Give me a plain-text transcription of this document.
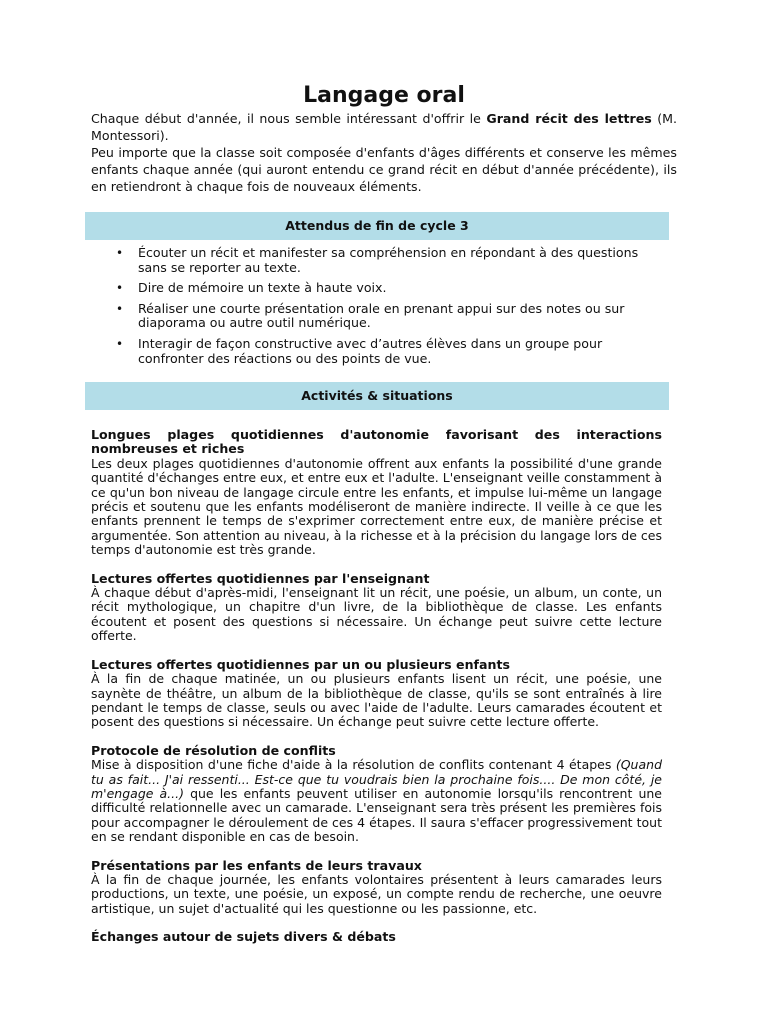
Langage oral

Chaque début d'année, il nous semble intéressant d'offrir le Grand récit des lettres (M. Montessori).

Peu importe que la classe soit composée d'enfants d'âges différents et conserve les mêmes enfants chaque année (qui auront entendu ce grand récit en début d'année précédente), ils en retiendront à chaque fois de nouveaux éléments.

Attendus de fin de cycle 3
• Écouter un récit et manifester sa compréhension en répondant à des questions sans se reporter au texte.
• Dire de mémoire un texte à haute voix.
• Réaliser une courte présentation orale en prenant appui sur des notes ou sur diaporama ou autre outil numérique.
• Interagir de façon constructive avec d’autres élèves dans un groupe pour confronter des réactions ou des points de vue.
Activités & situations
Longues plages quotidiennes d'autonomie favorisant des interactions nombreuses et riches

Les deux plages quotidiennes d'autonomie offrent aux enfants la possibilité d'une grande quantité d'échanges entre eux, et entre eux et l'adulte. L'enseignant veille constamment à ce qu'un bon niveau de langage circule entre les enfants, et impulse lui-même un langage précis et soutenu que les enfants modéliseront de manière indirecte. Il veille à ce que les enfants prennent le temps de s'exprimer correctement entre eux, de manière précise et argumentée. Son attention au niveau, à la richesse et à la précision du langage lors de ces temps d'autonomie est très grande.

Lectures offertes quotidiennes par l'enseignant

À chaque début d'après-midi, l'enseignant lit un récit, une poésie, un album, un conte, un récit mythologique, un chapitre d'un livre, de la bibliothèque de classe. Les enfants écoutent et posent des questions si nécessaire. Un échange peut suivre cette lecture offerte.

Lectures offertes quotidiennes par un ou plusieurs enfants

À la fin de chaque matinée, un ou plusieurs enfants lisent un récit, une poésie, une saynète de théâtre, un album de la bibliothèque de classe, qu'ils se sont entraînés à lire pendant le temps de classe, seuls ou avec l'aide de l'adulte. Leurs camarades écoutent et posent des questions si nécessaire. Un échange peut suivre cette lecture offerte.

Protocole de résolution de conflits

Mise à disposition d'une fiche d'aide à la résolution de conflits contenant 4 étapes (Quand tu as fait... J'ai ressenti... Est-ce que tu voudrais bien la prochaine fois.... De mon côté, je m'engage à...) que les enfants peuvent utiliser en autonomie lorsqu'ils rencontrent une difficulté relationnelle avec un camarade. L'enseignant sera très présent les premières fois pour accompagner le déroulement de ces 4 étapes. Il saura s'effacer progressivement tout en se rendant disponible en cas de besoin.

Présentations par les enfants de leurs travaux

À la fin de chaque journée, les enfants volontaires présentent à leurs camarades leurs productions, un texte, une poésie, un exposé, un compte rendu de recherche, une oeuvre artistique, un sujet d'actualité qui les questionne ou les passionne, etc.

Échanges autour de sujets divers & débats
